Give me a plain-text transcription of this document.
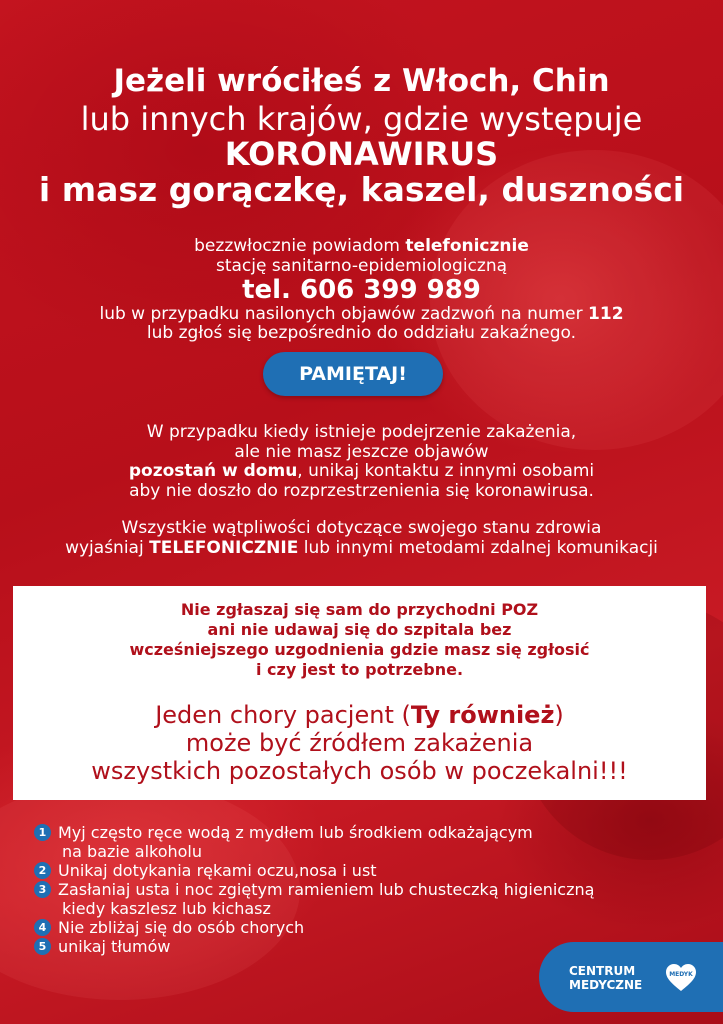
Jeżeli wróciłeś z Włoch, Chin
lub innych krajów, gdzie występuje
KORONAWIRUS
i masz gorączkę, kaszel, duszności
bezzwłocznie powiadom telefonicznie
stację sanitarno-epidemiologiczną
tel. 606 399 989
lub w przypadku nasilonych objawów zadzwoń na numer 112
lub zgłoś się bezpośrednio do oddziału zakaźnego.
PAMIĘTAJ!
W przypadku kiedy istnieje podejrzenie zakażenia,
ale nie masz jeszcze objawów
pozostań w domu, unikaj kontaktu z innymi osobami
aby nie doszło do rozprzestrzenienia się koronawirusa.
Wszystkie wątpliwości dotyczące swojego stanu zdrowia
wyjaśniaj TELEFONICZNIE lub innymi metodami zdalnej komunikacji
Nie zgłaszaj się sam do przychodni POZ
ani nie udawaj się do szpitala bez
wcześniejszego uzgodnienia gdzie masz się zgłosić
i czy jest to potrzebne.
Jeden chory pacjent (Ty również)
może być źródłem zakażenia
wszystkich pozostałych osób w poczekalni!!!
1 Myj często ręce wodą z mydłem lub środkiem odkażającym
na bazie alkoholu
2 Unikaj dotykania rękami oczu,nosa i ust
3 Zasłaniaj usta i noc zgiętym ramieniem lub chusteczką higieniczną
kiedy kaszlesz lub kichasz
4 Nie zbliżaj się do osób chorych
5 unikaj tłumów
CENTRUM
MEDYCZNE
MEDYK
